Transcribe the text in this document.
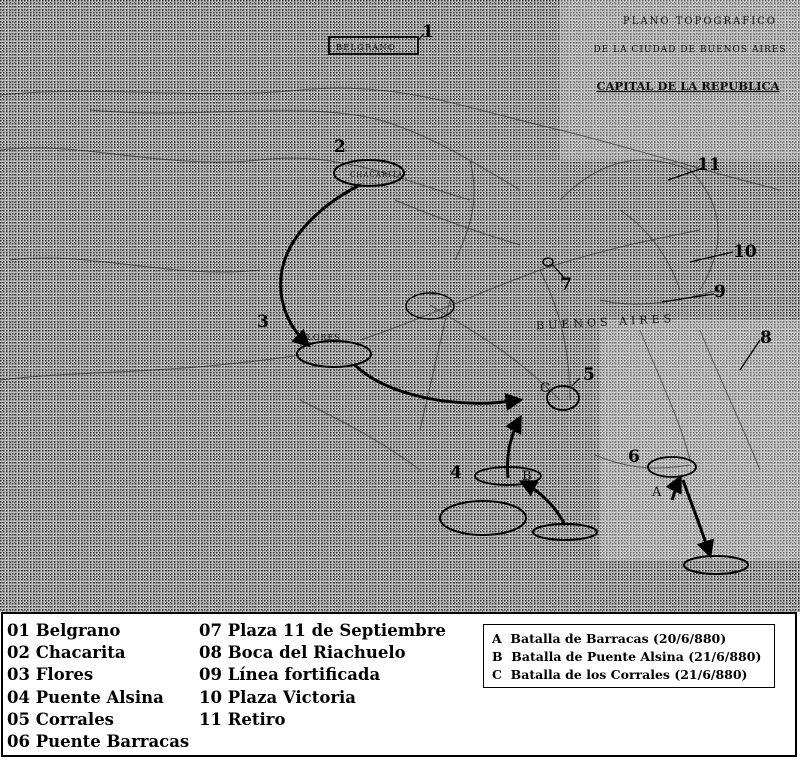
PLANO TOPOGRAFICO
DE LA CIUDAD DE BUENOS AIRES
CAPITAL DE LA REPUBLICA
BELGRANO
FLORES
CHACARITA
BUENOS AIRES
1
2
3
4
5
6
7
8
9
10
11
A
B
C
01 Belgrano
02 Chacarita
03 Flores
04 Puente Alsina
05 Corrales
06 Puente Barracas
07 Plaza 11 de Septiembre
08 Boca del Riachuelo
09 Línea fortificada
10 Plaza Victoria
11 Retiro
A Batalla de Barracas (20/6/880)
B Batalla de Puente Alsina (21/6/880)
C Batalla de los Corrales (21/6/880)
